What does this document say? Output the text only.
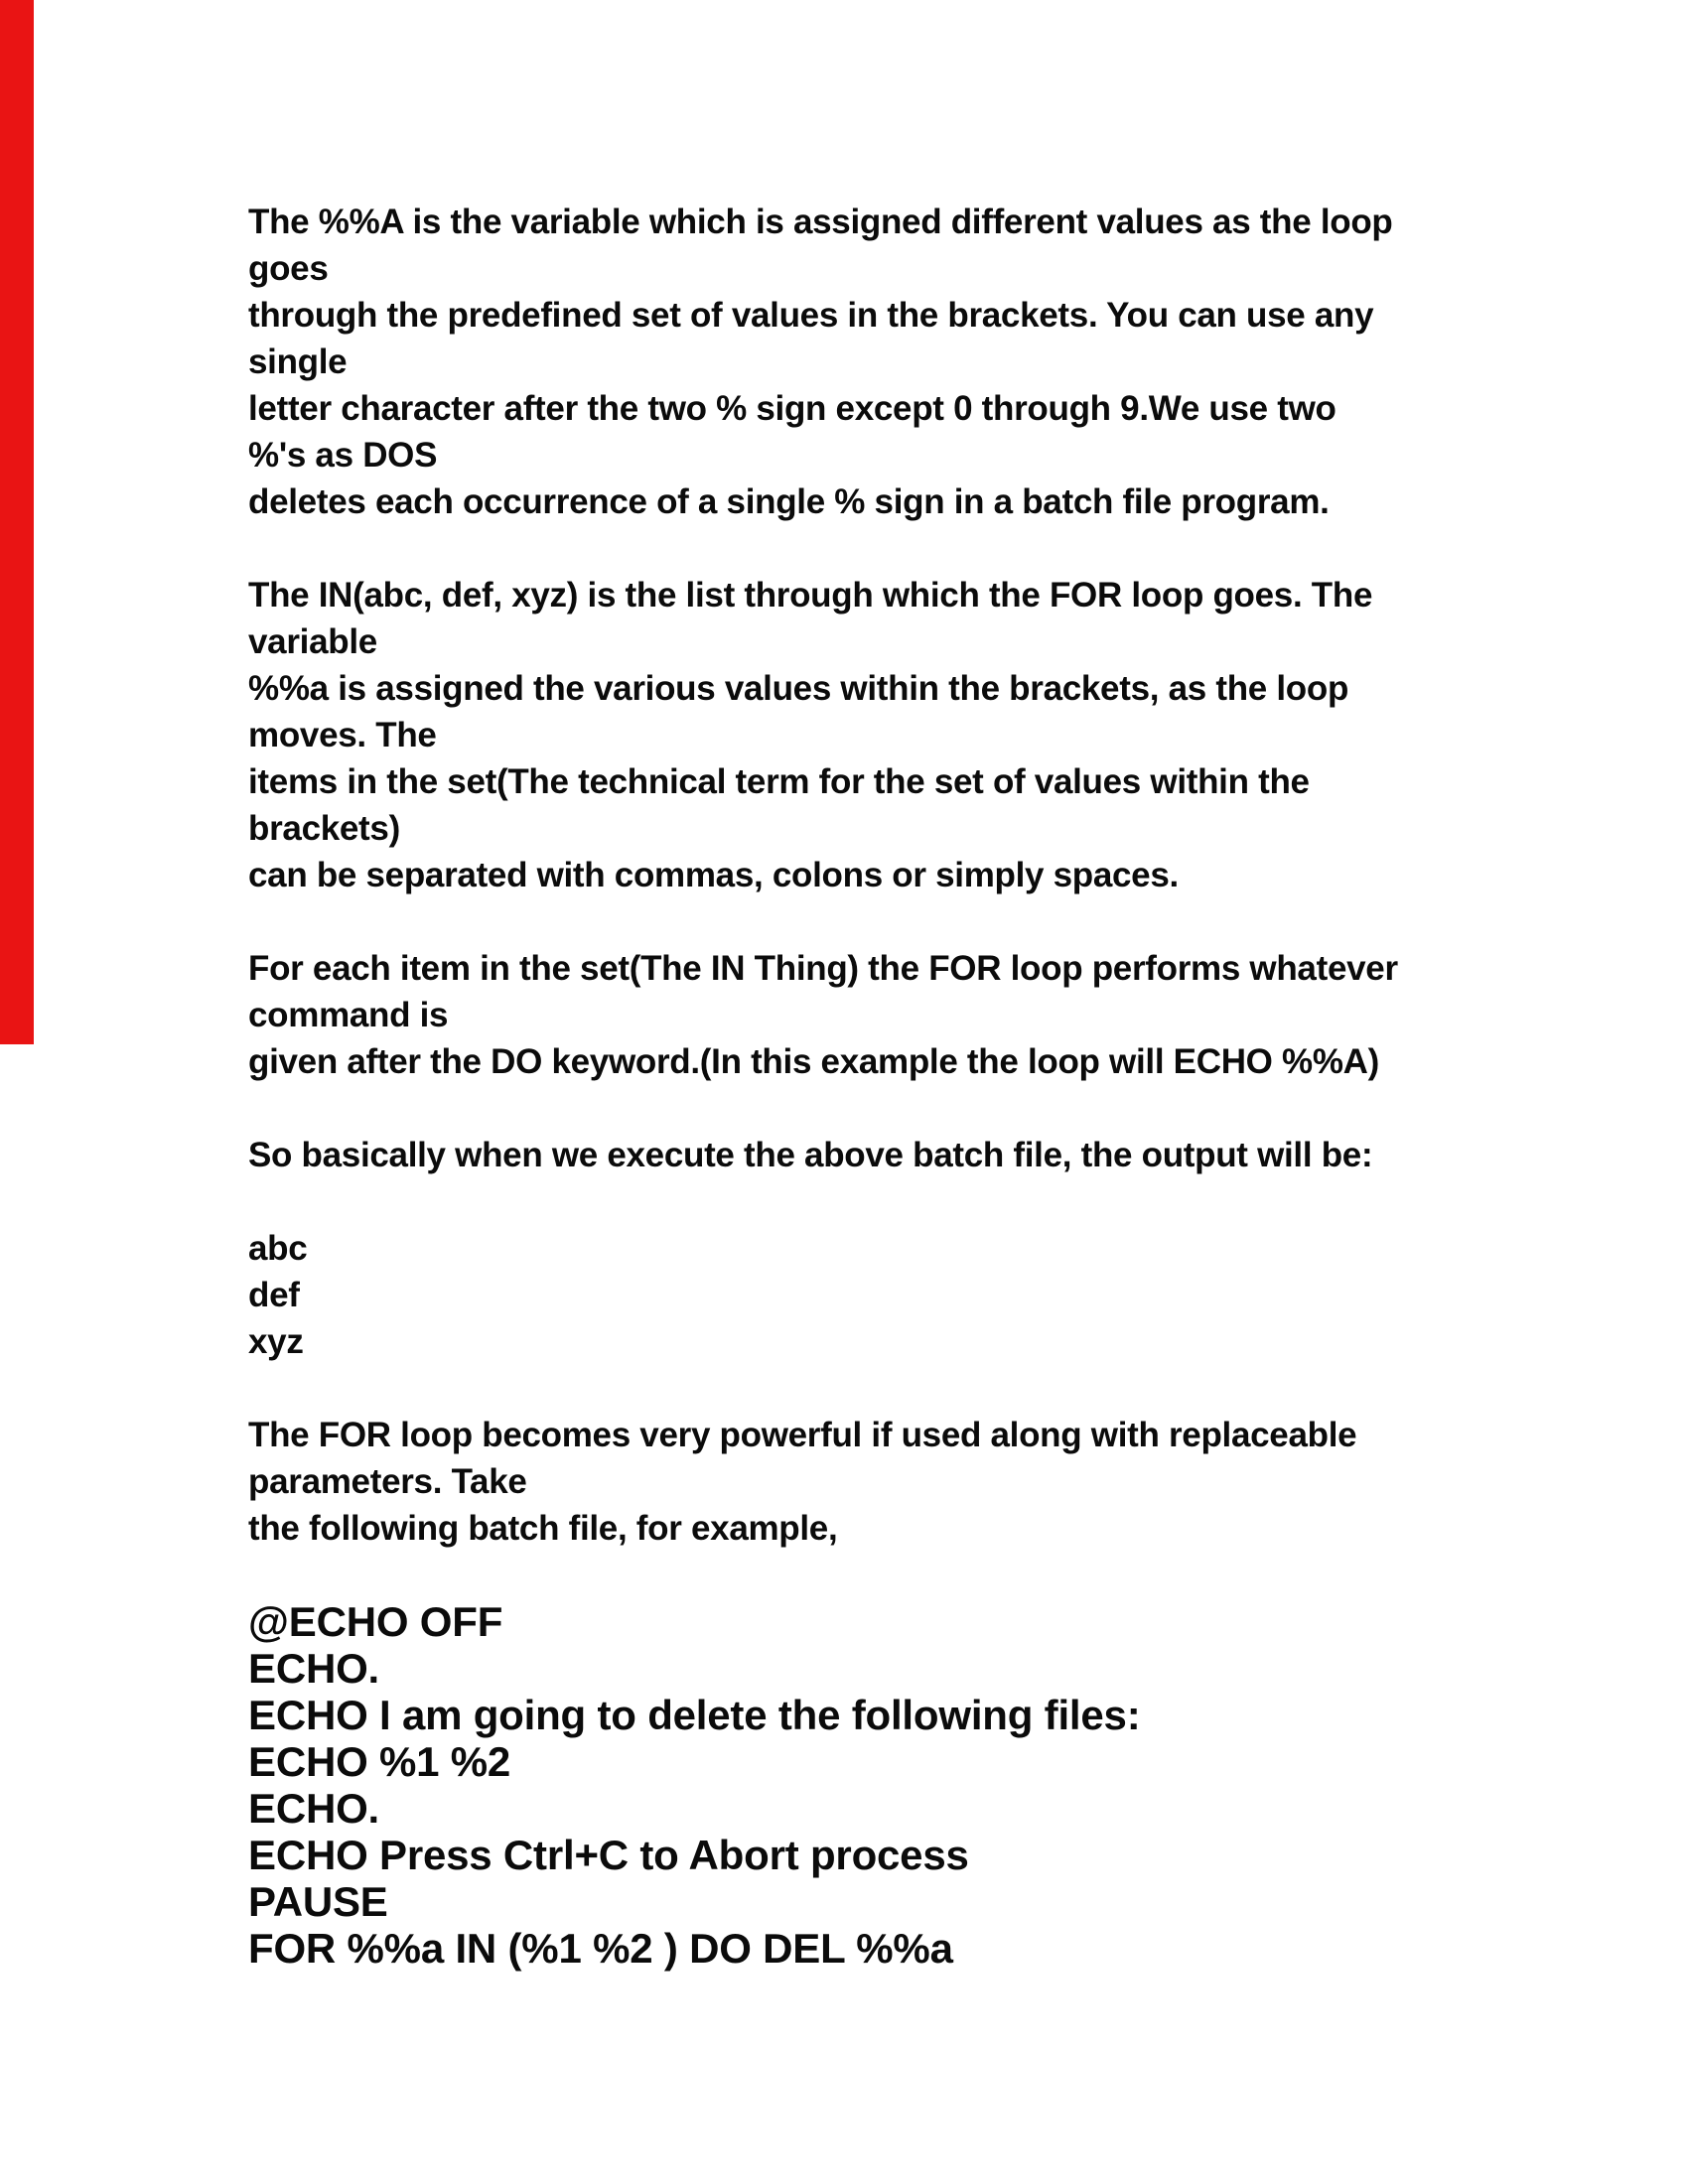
The %%A is the variable which is assigned different values as the loop
goes
through the predefined set of values in the brackets. You can use any
single
letter character after the two % sign except 0 through 9.We use two
%'s as DOS
deletes each occurrence of a single % sign in a batch file program.

The IN(abc, def, xyz) is the list through which the FOR loop goes. The
variable
%%a is assigned the various values within the brackets, as the loop
moves. The
items in the set(The technical term for the set of values within the
brackets)
can be separated with commas, colons or simply spaces.

For each item in the set(The IN Thing) the FOR loop performs whatever
command is
given after the DO keyword.(In this example the loop will ECHO %%A)

So basically when we execute the above batch file, the output will be:

abc
def
xyz

The FOR loop becomes very powerful if used along with replaceable
parameters. Take
the following batch file, for example,

@ECHO OFF
ECHO.
ECHO I am going to delete the following files:
ECHO %1 %2
ECHO.
ECHO Press Ctrl+C to Abort process
PAUSE
FOR %%a IN (%1 %2 ) DO DEL %%a
